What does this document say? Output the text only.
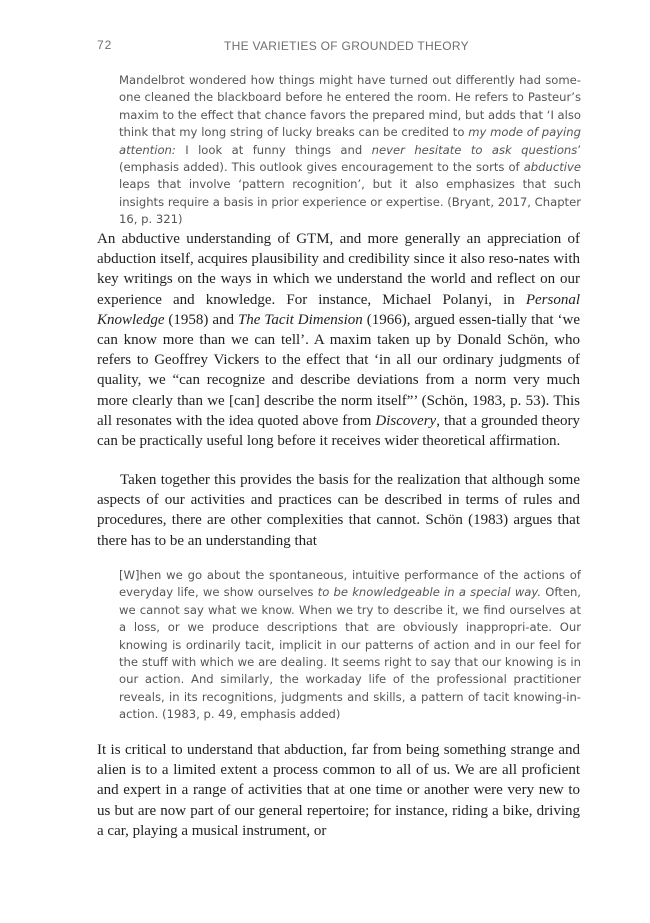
72	THE VARIETIES OF GROUNDED THEORY

Mandelbrot wondered how things might have turned out differently had some-one cleaned the blackboard before he entered the room. He refers to Pasteur’s maxim to the effect that chance favors the prepared mind, but adds that ‘I also think that my long string of lucky breaks can be credited to my mode of paying attention: I look at funny things and never hesitate to ask questions’ (emphasis added). This outlook gives encouragement to the sorts of abductive leaps that involve ‘pattern recognition’, but it also emphasizes that such insights require a basis in prior experience or expertise. (Bryant, 2017, Chapter 16, p. 321)

An abductive understanding of GTM, and more generally an appreciation of abduction itself, acquires plausibility and credibility since it also reso-nates with key writings on the ways in which we understand the world and reflect on our experience and knowledge. For instance, Michael Polanyi, in Personal Knowledge (1958) and The Tacit Dimension (1966), argued essen-tially that ‘we can know more than we can tell’. A maxim taken up by Donald Schön, who refers to Geoffrey Vickers to the effect that ‘in all our ordinary judgments of quality, we “can recognize and describe deviations from a norm very much more clearly than we [can] describe the norm itself”’ (Schön, 1983, p. 53). This all resonates with the idea quoted above from Discovery, that a grounded theory can be practically useful long before it receives wider theoretical affirmation.

Taken together this provides the basis for the realization that although some aspects of our activities and practices can be described in terms of rules and procedures, there are other complexities that cannot. Schön (1983) argues that there has to be an understanding that

[W]hen we go about the spontaneous, intuitive performance of the actions of everyday life, we show ourselves to be knowledgeable in a special way. Often, we cannot say what we know. When we try to describe it, we find ourselves at a loss, or we produce descriptions that are obviously inappropri-ate. Our knowing is ordinarily tacit, implicit in our patterns of action and in our feel for the stuff with which we are dealing. It seems right to say that our knowing is in our action. And similarly, the workaday life of the professional practitioner reveals, in its recognitions, judgments and skills, a pattern of tacit knowing-in-action. (1983, p. 49, emphasis added)

It is critical to understand that abduction, far from being something strange and alien is to a limited extent a process common to all of us. We are all proficient and expert in a range of activities that at one time or another were very new to us but are now part of our general repertoire; for instance, riding a bike, driving a car, playing a musical instrument, or
